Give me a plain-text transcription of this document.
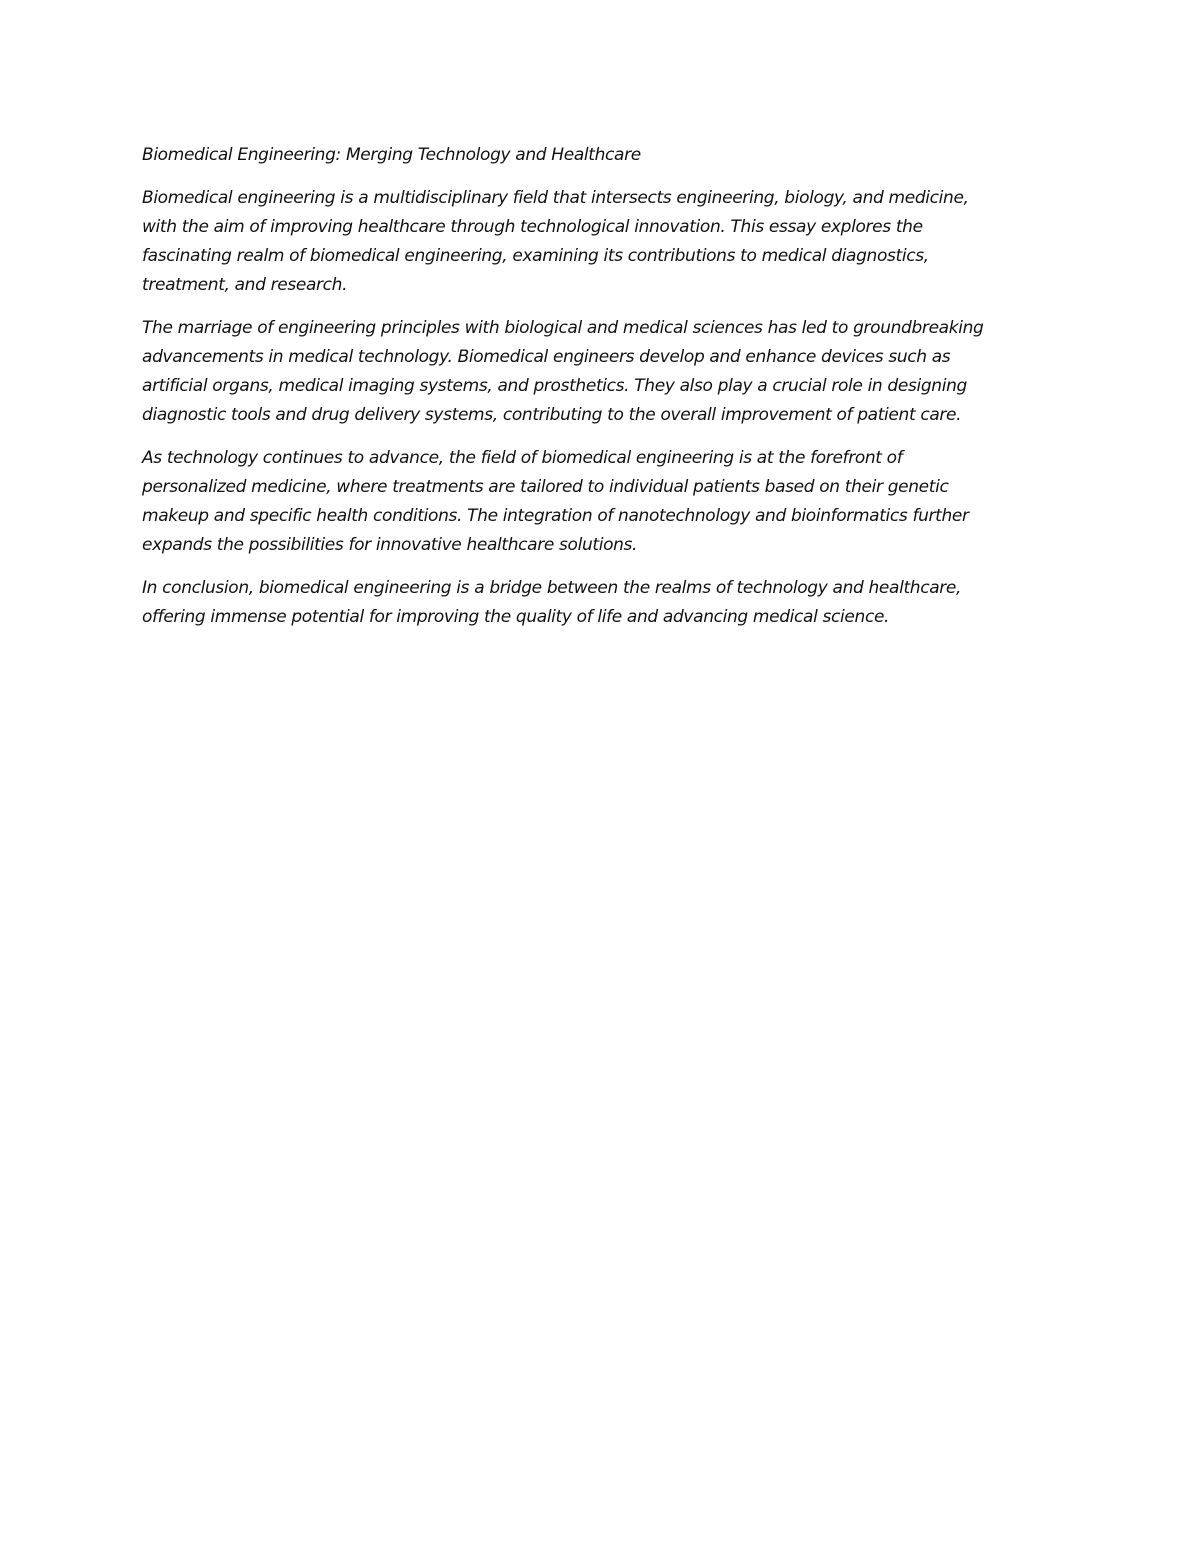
Biomedical Engineering: Merging Technology and Healthcare

Biomedical engineering is a multidisciplinary field that intersects engineering, biology, and medicine,
with the aim of improving healthcare through technological innovation. This essay explores the
fascinating realm of biomedical engineering, examining its contributions to medical diagnostics,
treatment, and research.

The marriage of engineering principles with biological and medical sciences has led to groundbreaking
advancements in medical technology. Biomedical engineers develop and enhance devices such as
artificial organs, medical imaging systems, and prosthetics. They also play a crucial role in designing
diagnostic tools and drug delivery systems, contributing to the overall improvement of patient care.

As technology continues to advance, the field of biomedical engineering is at the forefront of
personalized medicine, where treatments are tailored to individual patients based on their genetic
makeup and specific health conditions. The integration of nanotechnology and bioinformatics further
expands the possibilities for innovative healthcare solutions.

In conclusion, biomedical engineering is a bridge between the realms of technology and healthcare,
offering immense potential for improving the quality of life and advancing medical science.
